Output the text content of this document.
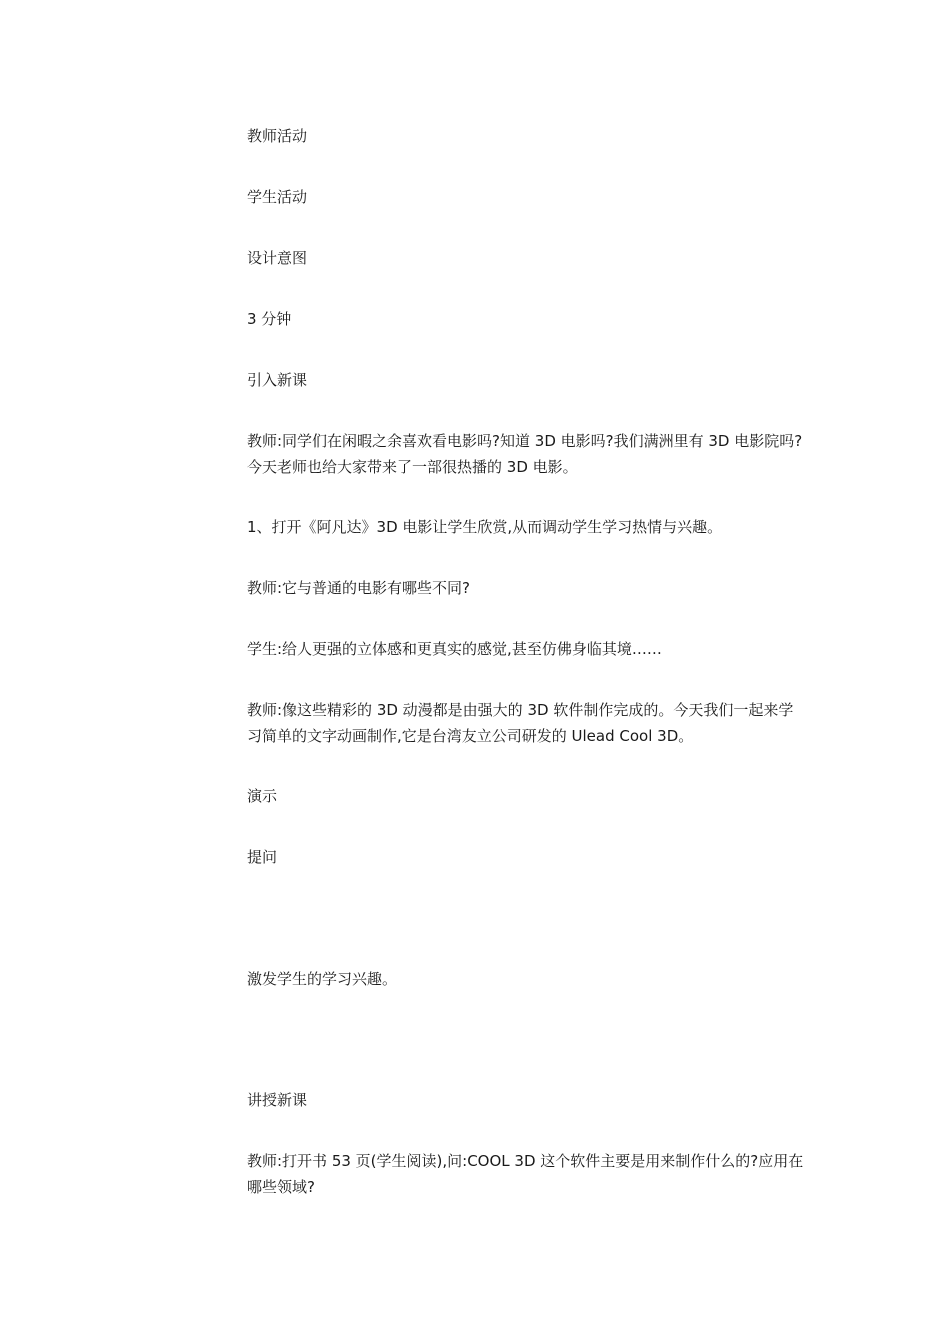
教师活动

学生活动

设计意图

3 分钟

引入新课

教师:同学们在闲暇之余喜欢看电影吗?知道 3D 电影吗?我们满洲里有 3D 电影院吗?今天老师也给大家带来了一部很热播的 3D 电影。

1、打开《阿凡达》3D 电影让学生欣赏,从而调动学生学习热情与兴趣。

教师:它与普通的电影有哪些不同?

学生:给人更强的立体感和更真实的感觉,甚至仿佛身临其境……

教师:像这些精彩的 3D 动漫都是由强大的 3D 软件制作完成的。今天我们一起来学习简单的文字动画制作,它是台湾友立公司研发的 Ulead Cool 3D。

演示

提问

激发学生的学习兴趣。

讲授新课

教师:打开书 53 页(学生阅读),问:COOL 3D 这个软件主要是用来制作什么的?应用在哪些领域?
